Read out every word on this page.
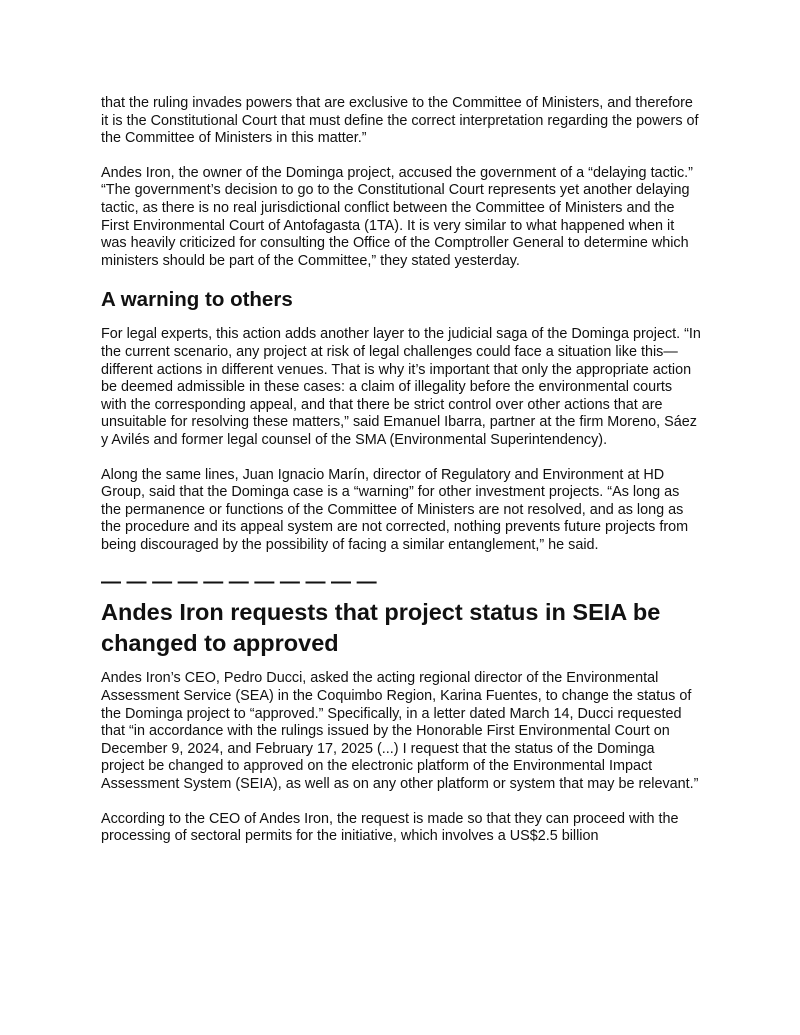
that the ruling invades powers that are exclusive to the Committee of Ministers, and therefore it is the Constitutional Court that must define the correct interpretation regarding the powers of the Committee of Ministers in this matter.”

Andes Iron, the owner of the Dominga project, accused the government of a “delaying tactic.” “The government’s decision to go to the Constitutional Court represents yet another delaying tactic, as there is no real jurisdictional conflict between the Committee of Ministers and the First Environmental Court of Antofagasta (1TA). It is very similar to what happened when it was heavily criticized for consulting the Office of the Comptroller General to determine which ministers should be part of the Committee,” they stated yesterday.

A warning to others

For legal experts, this action adds another layer to the judicial saga of the Dominga project. “In the current scenario, any project at risk of legal challenges could face a situation like this—different actions in different venues. That is why it’s important that only the appropriate action be deemed admissible in these cases: a claim of illegality before the environmental courts with the corresponding appeal, and that there be strict control over other actions that are unsuitable for resolving these matters,” said Emanuel Ibarra, partner at the firm Moreno, Sáez y Avilés and former legal counsel of the SMA (Environmental Superintendency).

Along the same lines, Juan Ignacio Marín, director of Regulatory and Environment at HD Group, said that the Dominga case is a “warning” for other investment projects. “As long as the permanence or functions of the Committee of Ministers are not resolved, and as long as the procedure and its appeal system are not corrected, nothing prevents future projects from being discouraged by the possibility of facing a similar entanglement,” he said.

— — — — — — — — — — —
Andes Iron requests that project status in SEIA be changed to approved

Andes Iron’s CEO, Pedro Ducci, asked the acting regional director of the Environmental Assessment Service (SEA) in the Coquimbo Region, Karina Fuentes, to change the status of the Dominga project to “approved.” Specifically, in a letter dated March 14, Ducci requested that “in accordance with the rulings issued by the Honorable First Environmental Court on December 9, 2024, and February 17, 2025 (...) I request that the status of the Dominga project be changed to approved on the electronic platform of the Environmental Impact Assessment System (SEIA), as well as on any other platform or system that may be relevant.”

According to the CEO of Andes Iron, the request is made so that they can proceed with the processing of sectoral permits for the initiative, which involves a US$2.5 billion
